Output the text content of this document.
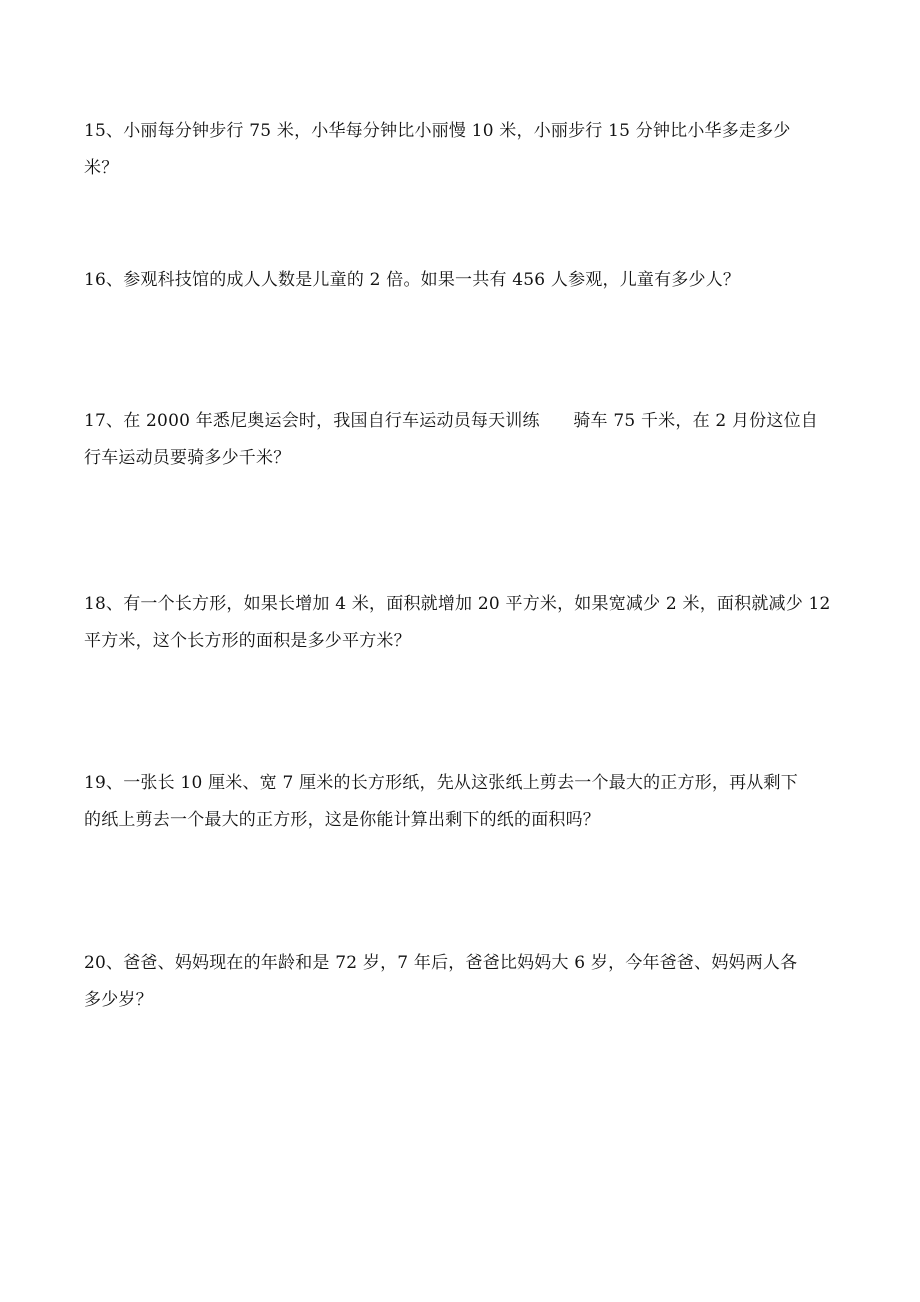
15、小丽每分钟步行 75 米，小华每分钟比小丽慢 10 米，小丽步行 15 分钟比小华多走多少
米？

16、参观科技馆的成人人数是儿童的 2 倍。如果一共有 456 人参观，儿童有多少人？

17、在 2000 年悉尼奥运会时，我国自行车运动员每天训练      骑车 75 千米，在 2 月份这位自
行车运动员要骑多少千米？

18、有一个长方形，如果长增加 4 米，面积就增加 20 平方米，如果宽减少 2 米，面积就减少 12
平方米，这个长方形的面积是多少平方米？

19、一张长 10 厘米、宽 7 厘米的长方形纸，先从这张纸上剪去一个最大的正方形，再从剩下
的纸上剪去一个最大的正方形，这是你能计算出剩下的纸的面积吗？

20、爸爸、妈妈现在的年龄和是 72 岁，7 年后，爸爸比妈妈大 6 岁，今年爸爸、妈妈两人各
多少岁？
